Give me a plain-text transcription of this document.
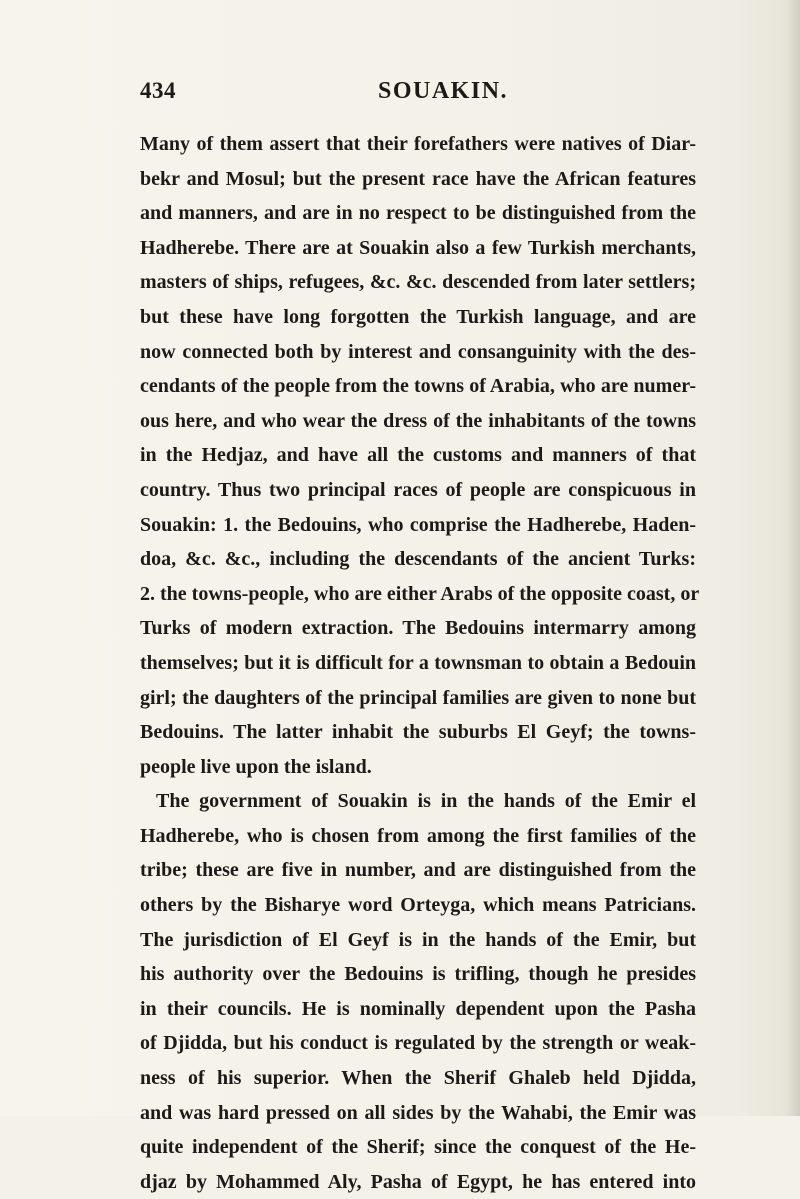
434	SOUAKIN.
Many of them assert that their forefathers were natives of Diar-
bekr and Mosul; but the present race have the African features
and manners, and are in no respect to be distinguished from the
Hadherebe. There are at Souakin also a few Turkish merchants,
masters of ships, refugees, &c. &c. descended from later settlers;
but these have long forgotten the Turkish language, and are
now connected both by interest and consanguinity with the des-
cendants of the people from the towns of Arabia, who are numer-
ous here, and who wear the dress of the inhabitants of the towns
in the Hedjaz, and have all the customs and manners of that
country. Thus two principal races of people are conspicuous in
Souakin: 1. the Bedouins, who comprise the Hadherebe, Haden-
doa, &c. &c., including the descendants of the ancient Turks:
2. the towns-people, who are either Arabs of the opposite coast, or
Turks of modern extraction. The Bedouins intermarry among
themselves; but it is difficult for a townsman to obtain a Bedouin
girl; the daughters of the principal families are given to none but
Bedouins. The latter inhabit the suburbs El Geyf; the towns-
people live upon the island.
The government of Souakin is in the hands of the Emir el
Hadherebe, who is chosen from among the first families of the
tribe; these are five in number, and are distinguished from the
others by the Bisharye word Orteyga, which means Patricians.
The jurisdiction of El Geyf is in the hands of the Emir, but
his authority over the Bedouins is trifling, though he presides
in their councils. He is nominally dependent upon the Pasha
of Djidda, but his conduct is regulated by the strength or weak-
ness of his superior. When the Sherif Ghaleb held Djidda,
and was hard pressed on all sides by the Wahabi, the Emir was
quite independent of the Sherif; since the conquest of the He-
djaz by Mohammed Aly, Pasha of Egypt, he has entered into
